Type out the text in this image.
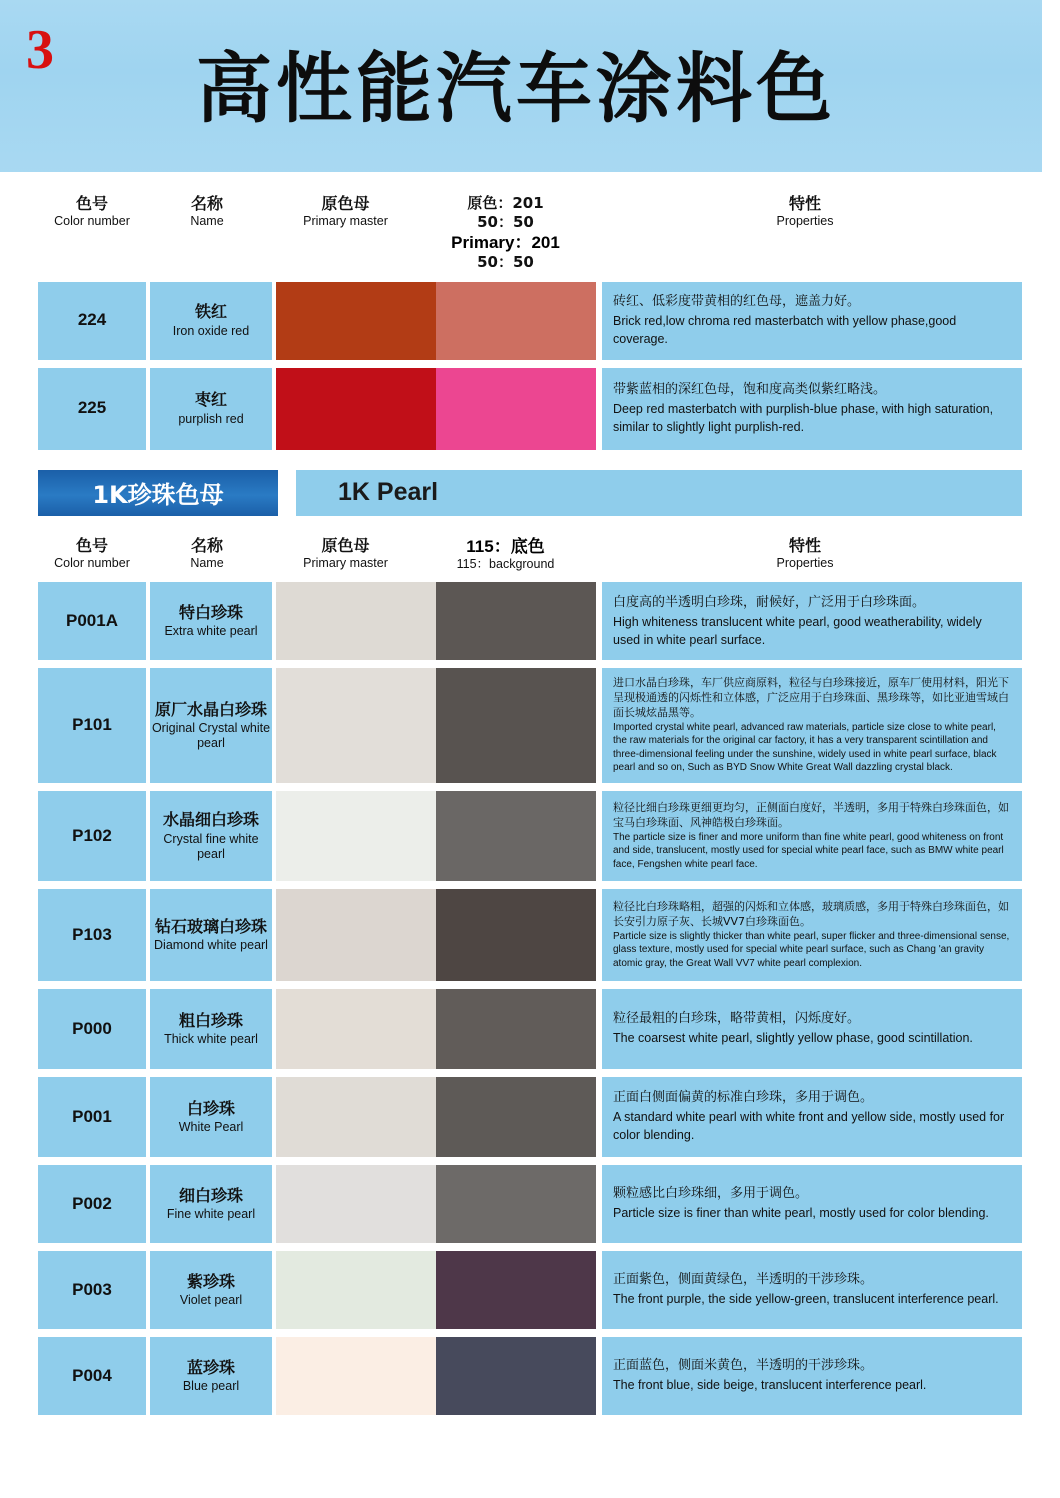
3 高性能汽车涂料色
色号
Color number
名称
Name
原色母
Primary master
原色：201
50：50
Primary：201
50：50
特性
Properties
224	铁红
Iron oxide red
砖红、低彩度带黄相的红色母，遮盖力好。
Brick red,low chroma red masterbatch with yellow phase,good coverage.
225	枣红
purplish red
带紫蓝相的深红色母，饱和度高类似紫红略浅。
Deep red masterbatch with purplish-blue phase, with high saturation, similar to slightly light purplish-red.
1K珍珠色母	1K Pearl
色号
Color number
名称
Name
原色母
Primary master
115：底色
115：background
特性
Properties
P001A	特白珍珠
Extra white pearl
白度高的半透明白珍珠，耐候好，广泛用于白珍珠面。
High whiteness translucent white pearl, good weatherability, widely used in white pearl surface.
P101
原厂水晶白珍珠
Original Crystal white pearl
进口水晶白珍珠，车厂供应商原料，粒径与白珍珠接近，原车厂使用材料，阳光下呈现极通透的闪烁性和立体感，广泛应用于白珍珠面、黑珍珠等，如比亚迪雪域白面长城炫晶黑等。
Imported crystal white pearl, advanced raw materials, particle size close to white pearl, the raw materials for the original car factory, it has a very transparent scintillation and three-dimensional feeling under the sunshine, widely used in white pearl surface, black pearl and so on, Such as BYD Snow White Great Wall dazzling crystal black.
P102
水晶细白珍珠
Crystal fine white pearl
粒径比细白珍珠更细更均匀，正侧面白度好，半透明，多用于特殊白珍珠面色，如宝马白珍珠面、风神皓极白珍珠面。
The particle size is finer and more uniform than fine white pearl, good whiteness on front and side, translucent, mostly used for special white pearl face, such as BMW white pearl face, Fengshen white pearl face.
P103	钻石玻璃白珍珠
Diamond white pearl
粒径比白珍珠略粗，超强的闪烁和立体感，玻璃质感，多用于特殊白珍珠面色，如长安引力原子灰、长城VV7白珍珠面色。
Particle size is slightly thicker than white pearl, super flicker and three-dimensional sense, glass texture, mostly used for special white pearl surface, such as Chang 'an gravity atomic gray, the Great Wall VV7 white pearl complexion.
P000	粗白珍珠
Thick white pearl
粒径最粗的白珍珠，略带黄相，闪烁度好。
The coarsest white pearl, slightly yellow phase, good scintillation.
P001	白珍珠
White Pearl
正面白侧面偏黄的标准白珍珠，多用于调色。
A standard white pearl with white front and yellow side, mostly used for color blending.
P002	细白珍珠
Fine white pearl
颗粒感比白珍珠细，多用于调色。
Particle size is finer than white pearl, mostly used for color blending.
P003	紫珍珠
Violet pearl
正面紫色，侧面黄绿色，半透明的干涉珍珠。
The front purple, the side yellow-green, translucent interference pearl.
P004	蓝珍珠
Blue pearl
正面蓝色，侧面米黄色，半透明的干涉珍珠。
The front blue, side beige, translucent interference pearl.
